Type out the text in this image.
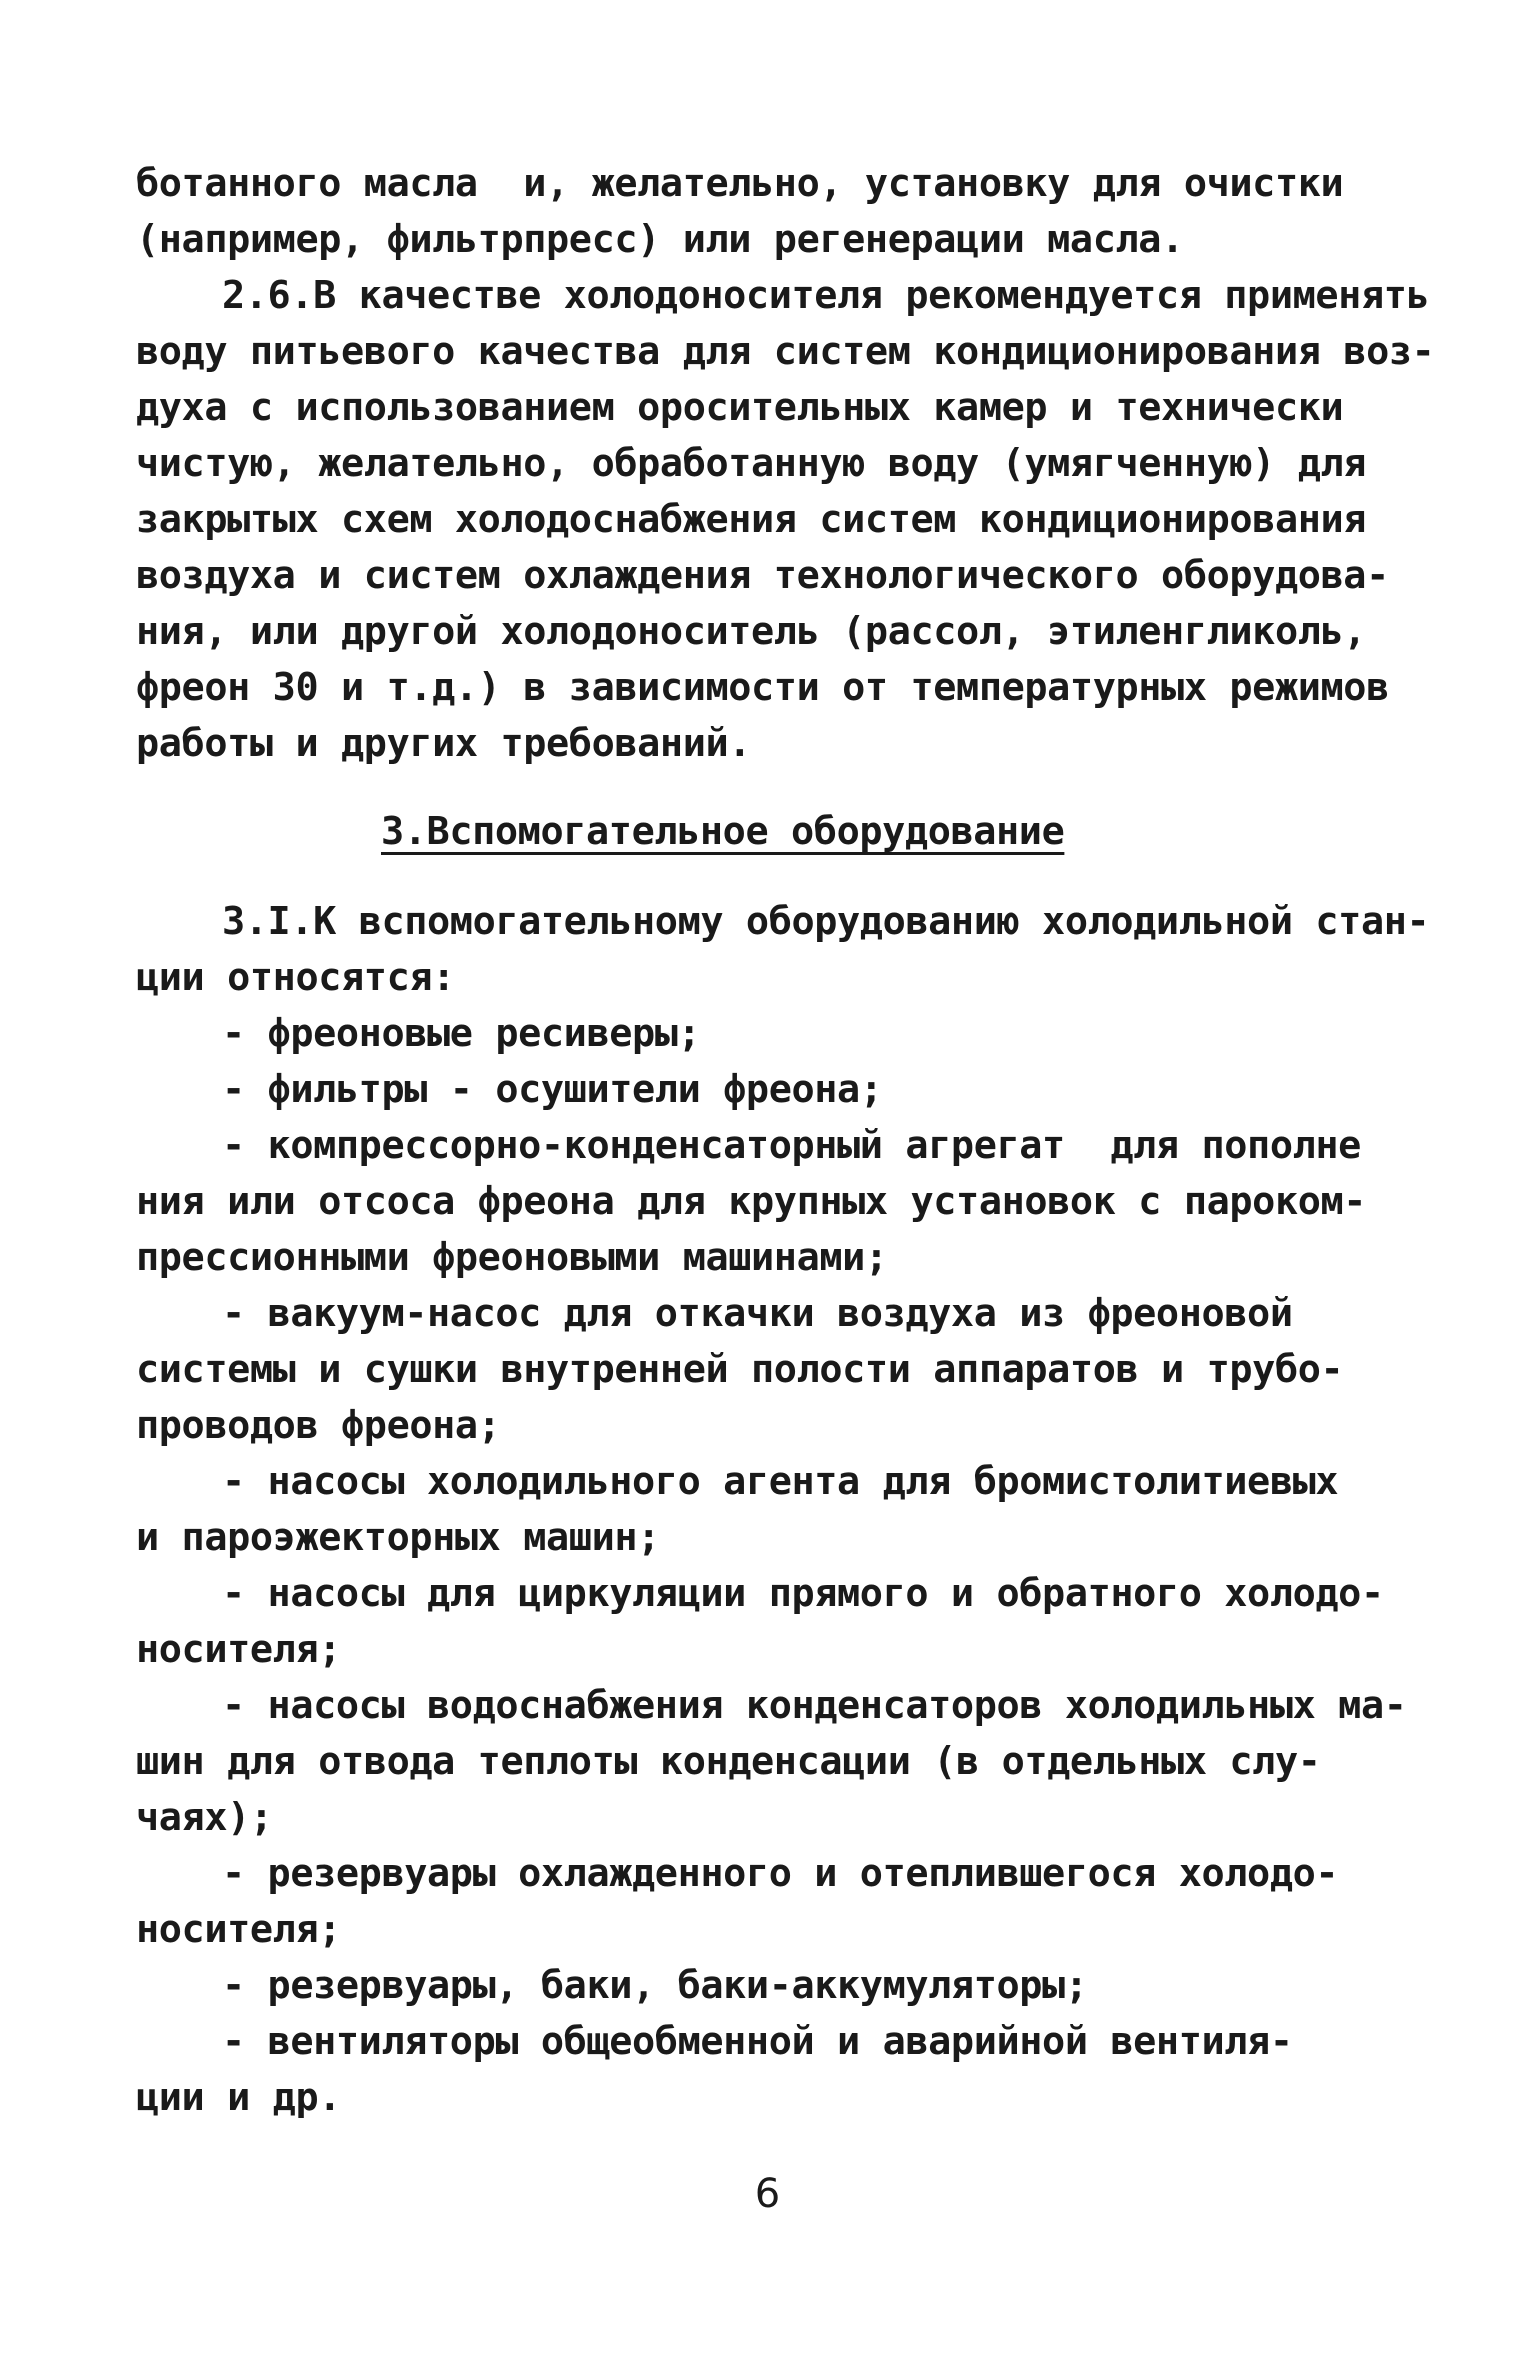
ботанного масла  и, желательно, установку для очистки
(например, фильтрпресс) или регенерации масла.
2.6.В качестве холодоносителя рекомендуется применять
воду питьевого качества для систем кондиционирования воз-
духа с использованием оросительных камер и технически
чистую, желательно, обработанную воду (умягченную) для
закрытых схем холодоснабжения систем кондиционирования
воздуха и систем охлаждения технологического оборудова-
ния, или другой холодоноситель (рассол, этиленгликоль,
фреон 30 и т.д.) в зависимости от температурных режимов
работы и других требований.
3.Вспомогательное оборудование
3.I.К вспомогательному оборудованию холодильной стан-
ции относятся:
- фреоновые ресиверы;
- фильтры - осушители фреона;
- компрессорно-конденсаторный агрегат  для пополне
ния или отсоса фреона для крупных установок с пароком-
прессионными фреоновыми машинами;
- вакуум-насос для откачки воздуха из фреоновой
системы и сушки внутренней полости аппаратов и трубо-
проводов фреона;
- насосы холодильного агента для бромистолитиевых
и пароэжекторных машин;
- насосы для циркуляции прямого и обратного холодо-
носителя;
- насосы водоснабжения конденсаторов холодильных ма-
шин для отвода теплоты конденсации (в отдельных слу-
чаях);
- резервуары охлажденного и отеплившегося холодо-
носителя;
- резервуары, баки, баки-аккумуляторы;
- вентиляторы общеобменной и аварийной вентиля-
ции и др.
6
